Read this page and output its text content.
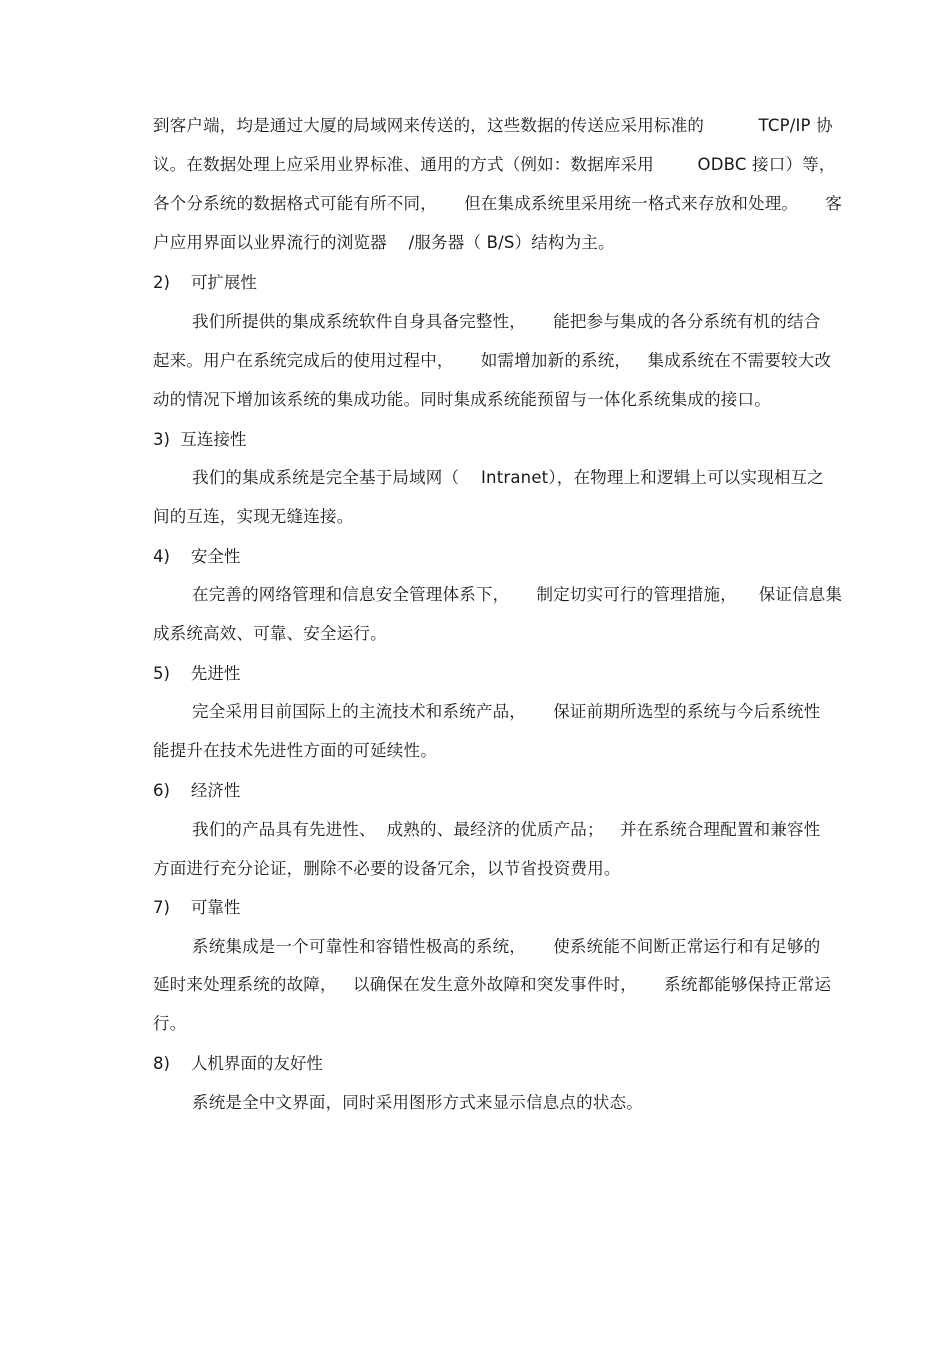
到客户端，均是通过大厦的局域网来传送的，这些数据的传送应采用标准的          TCP/IP 协
议。在数据处理上应采用业界标准、通用的方式（例如：数据库采用        ODBC 接口）等，
各个分系统的数据格式可能有所不同，     但在集成系统里采用统一格式来存放和处理。     客
户应用界面以业界流行的浏览器    /服务器（ B/S）结构为主。
2)    可扩展性
我们所提供的集成系统软件自身具备完整性，     能把参与集成的各分系统有机的结合
起来。用户在系统完成后的使用过程中，     如需增加新的系统，   集成系统在不需要较大改
动的情况下增加该系统的集成功能。同时集成系统能预留与一体化系统集成的接口。
3)  互连接性
我们的集成系统是完全基于局域网（    Intranet），在物理上和逻辑上可以实现相互之
间的互连，实现无缝连接。
4)    安全性
在完善的网络管理和信息安全管理体系下，     制定切实可行的管理措施，    保证信息集
成系统高效、可靠、安全运行。
5)    先进性
完全采用目前国际上的主流技术和系统产品，     保证前期所选型的系统与今后系统性
能提升在技术先进性方面的可延续性。
6)    经济性
我们的产品具有先进性、  成熟的、最经济的优质产品；   并在系统合理配置和兼容性
方面进行充分论证，删除不必要的设备冗余，以节省投资费用。
7)    可靠性
系统集成是一个可靠性和容错性极高的系统，     使系统能不间断正常运行和有足够的
延时来处理系统的故障，   以确保在发生意外故障和突发事件时，     系统都能够保持正常运
行。
8)    人机界面的友好性
系统是全中文界面，同时采用图形方式来显示信息点的状态。
